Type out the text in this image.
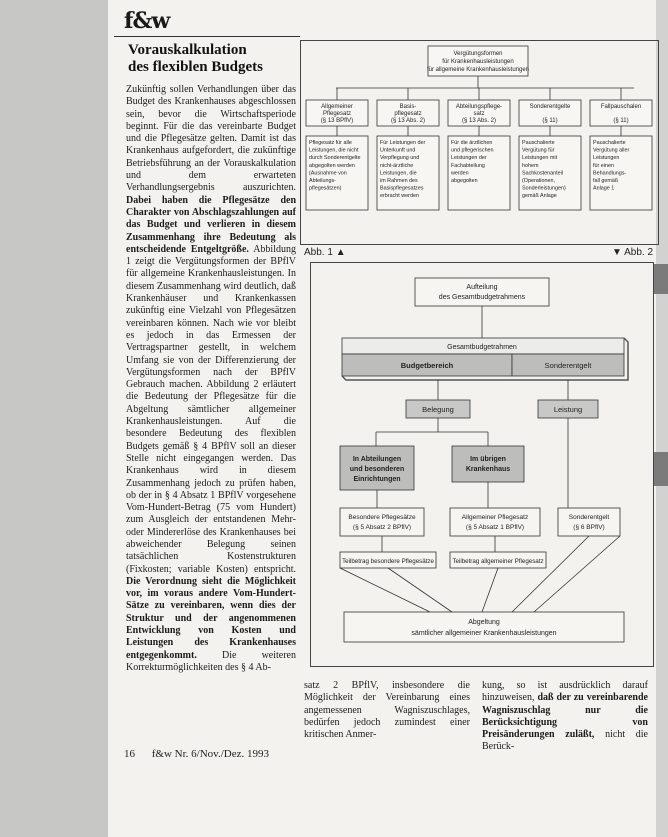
f&w
Vorauskalkulation
des flexiblen Budgets
Zukünftig sollen Verhandlungen über das Budget des Krankenhauses abgeschlossen sein, bevor die Wirtschaftsperiode beginnt. Für die das vereinbarte Budget und die Pflegesätze gelten. Damit ist das Krankenhaus aufgefordert, die zukünftige Betriebsführung an der Vorauskalkulation und dem erwarteten Verhandlungsergebnis auszurichten. Dabei haben die Pflegesätze den Charakter von Abschlagszahlungen auf das Budget und verlieren in diesem Zusammenhang ihre Bedeutung als entscheidende Entgeltgröße. Abbildung 1 zeigt die Vergütungsformen der BPflV für allgemeine Krankenhausleistungen. In diesem Zusammenhang wird deutlich, daß Krankenhäuser und Krankenkassen zukünftig eine Vielzahl von Pflegesätzen vereinbaren können. Nach wie vor bleibt es jedoch in das Ermessen der Vertragspartner gestellt, in welchem Umfang sie von der Differenzierung der Vergütungsformen nach der BPflV Gebrauch machen. Abbildung 2 erläutert die Bedeutung der Pflegesätze für die Abgeltung sämtlicher allgemeiner Krankenhausleistungen. Auf die besondere Bedeutung des flexiblen Budgets gemäß § 4 BPflV soll an dieser Stelle nicht eingegangen werden. Das Krankenhaus wird in diesem Zusammenhang jedoch zu prüfen haben, ob der in § 4 Absatz 1 BPflV vorgesehene Vom-Hundert-Betrag (75 vom Hundert) zum Ausgleich der entstandenen Mehr- oder Mindererlöse des Krankenhauses bei abweichender Belegung seinen tatsächlichen Kostenstrukturen (Fixkosten; variable Kosten) entspricht. Die Verordnung sieht die Möglichkeit vor, im voraus andere Vom-Hundert-Sätze zu vereinbaren, wenn dies der Struktur und der angenommenen Entwicklung von Kosten und Leistungen des Krankenhauses entgegenkommt. Die weiteren Korrekturmöglichkeiten des § 4 Ab-
satz 2 BPflV, insbesondere die Möglichkeit der Vereinbarung eines angemessenen Wagniszuschlages, bedürfen jedoch zumindest einer kritischen Anmer-
kung, so ist ausdrücklich darauf hinzuweisen, daß der zu vereinbarende Wagniszuschlag nur die Berücksichtigung von Preisänderungen zuläßt, nicht die Berück-
16 f&w Nr. 6/Nov./Dez. 1993
Vergütungsformen
für Krankenhausleistungen
für allgemeine Krankenhausleistungen
Allgemeiner
Pflegesatz
(§ 13 BPflV)
Pflegesatz für alle
Leistungen, die nicht
durch Sonderentgelte
abgegolten werden
(Ausnahme von
Abteilungs-
pflegesätzen)
Basis-
pflegesatz
(§ 13 Abs. 2)
Für Leistungen der
Unterkunft und
Verpflegung und
nicht-ärztliche
Leistungen, die
im Rahmen des
Basispflegesatzes
erbracht werden
Abteilungspflege-
satz
(§ 13 Abs. 2)
Für die ärztlichen
und pflegerischen
Leistungen der
Fachabteilung
werden
abgegolten
Sonderentgelte
(§ 11)
Pauschalierte
Vergütung für
Leistungen mit
hohem
Sachkostenanteil
(Operationen,
Sonderleistungen)
gemäß Anlage
Fallpauschalen
(§ 11)
Pauschalierte
Vergütung aller
Leistungen
für einen
Behandlungs-
fall gemäß
Anlage 1
Abb. 1 ▲	▼ Abb. 2
Aufteilung
des Gesamtbudgetrahmens
Gesamtbudgetrahmen
Budgetbereich	Sonderentgelt
Belegung	Leistung
In Abteilungen
und besonderen
Einrichtungen
Im übrigen
Krankenhaus
Besondere Pflegesätze
(§ 5 Absatz 2 BPflV)
Allgemeiner Pflegesatz
(§ 5 Absatz 1 BPflV)
Sonderentgelt
(§ 6 BPflV)
Teilbetrag besondere Pflegesätze	Teilbetrag allgemeiner Pflegesatz
Abgeltung
sämtlicher allgemeiner Krankenhausleistungen
